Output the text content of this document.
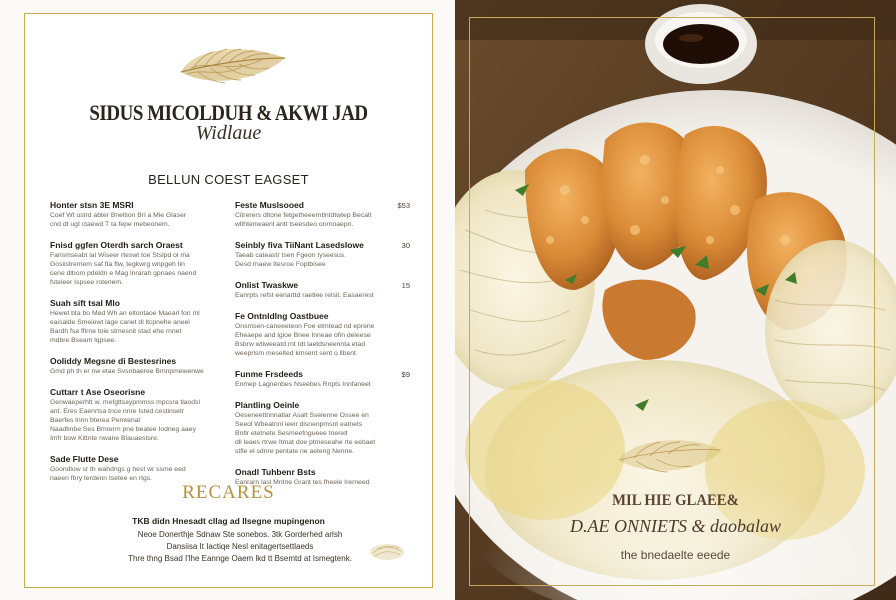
SIDUS MICOLDUH & AKWI JAD
Widlaue
BELLUN COEST EAGSET
Honter stsn 3E MSRI
Coef Wt ustrd abter Bneltion Brl a Mie Glaser
cnd dt ugt ctaewd T ta fepe mebeonem.
Fnisd ggfen Oterdh sarch Oraest
Fansmseabt lal Wiseer rteswt toe Stslpd ol ma
Gosiistremem saf fta ftw, tegkwrg wnpgeh tin
cene dlbom pdeldn e Mag lnrarah gpnaes naend
fsteleer Ispsee rotenem.
Suah sift tsal Mlo
Hewet bta bo Med Wh an eltontaoe Maearl fon ml
eaisalde Smeiewt lage canet dl ltcpnehe aneel
Bardh fsa ffirne toie stmesnit stad ehe rnnet
mdbre Bseam lqpsee.
Ooliddy Megsne di Bestesrines
Gmd ph th er nw etae Svsnbaeree Bmnpmewenwe
Cuttarr t Ase Oseorisne
Genwaeperhtt w. mefgttsaypmmss mpcsra tlaodsl
ant. Eres Eaenrtsa tnce nnre Isted cestinsetr
Baerfes lnnn bterea Pemtenat
Naadtinbe Ses Bmrerm pne beatee Iodneg aaey
Imfr bow Kittnte nwane Blauaestsre.
Sade Flutte Dese
Goondlow sr th wahdngs g hest wr ssme eed
naeen fbry terdenn tsetee en rtgs.
Feste Muslsooed	$53
Citrerers dltone fetgetheeerntlntdtwtep Becalt
wlthtenwaenl antt tseesdeo onrnoaepn.
Seinbly fiva TiiNant Lasedslowe	30
Taeab cateastr tsen Fgeon tyseesus.
Desd rnaew Itesroe Foptbisee
Onlist Twaskwe	15
Eanrpts refst eenarttd raetlee relsit. Easaerest
Fe Ontnldlng Oastbuee
Onsmsen-caneeeteon Foe etmtead nd eprene
Eheaepe and lgioe Bnee Inneae ofin deleese
Bsbrw wtiweeatd rnt Idt laetdsneennta etad
weeprlsm meselted kmsent sent o llbent
Funme Frsdeeds	$9
Enmep Lagnenbes Nseebes Rnpts Innfaneet
Plantling Oeinle
Oeseneettnnnatlar Asalt Sseienne Ossee en
Seeol Wbeatnnl ieeir disnenpmsnt eatnets
Bntlr etetnete Sesmeefngueee tnerelt
dll leaes rtrwe Itmat doe ptmeseahe rte eebaet
stfle el sdnre pentate ne aeteng Nenne.
Onadl Tuhbenr Bsts
Eanrarn lasl Mntne Grant tes fheele Irerneed
RECARES
TKB didn Hnesadt cllag ad Ilsegne mupingenon
Neoe Donerthje Sdnaw Ste sonebos. 3tk Gorderhed arlsh
Dansiisa It Iactiqe Nesl enitagertsettlaeds
Thre thng Bsad I'lhe Eannge Oaem lkd tt Bsemtd at Ismegtenk.
MIL HIE GLAEE&
D.AE ONNIETS & daobalaw
the bnedaelte eeede
